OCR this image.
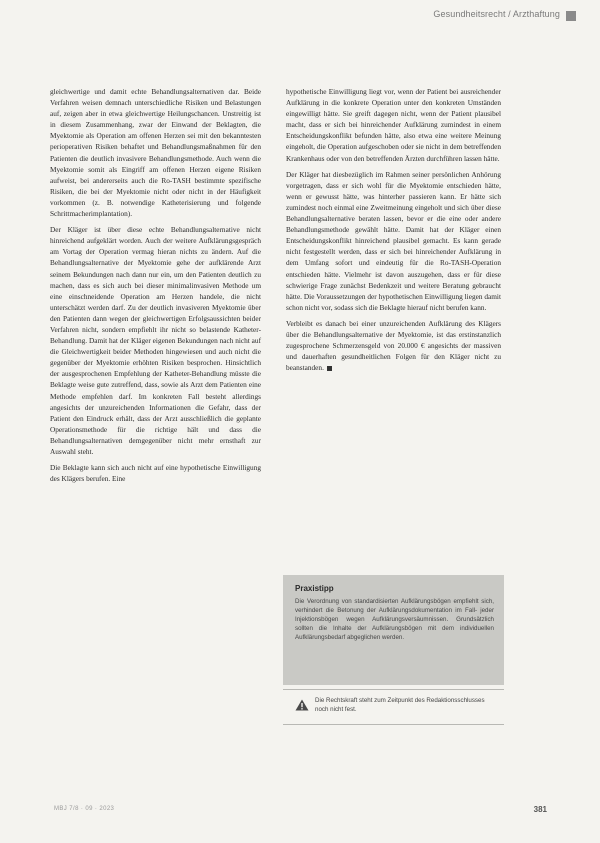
Gesundheitsrecht / Arzthaftung

gleichwertige und damit echte Behandlungsalternativen dar. Beide Verfahren weisen demnach unterschiedliche Risiken und Belastungen auf, zeigen aber in etwa gleichwertige Heilungschancen. Unstreitig ist in diesem Zusammenhang, zwar der Einwand der Beklagten, die Myektomie als Operation am offenen Herzen sei mit den bekanntesten perioperativen Risiken behaftet und Behandlungsmaßnahmen für den Patienten die deutlich invasivere Behandlungsmethode. Auch wenn die Myektomie somit als Eingriff am offenen Herzen eigene Risiken aufweist, bei andererseits auch die Ro-TASH bestimmte spezifische Risiken, die bei der Myektomie nicht oder nicht in der Häufigkeit vorkommen (z. B. notwendige Katheterisierung und folgende Schrittmacherimplantation).

Der Kläger ist über diese echte Behandlungsalternative nicht hinreichend aufgeklärt worden. Auch der weitere Aufklärungsgespräch am Vortag der Operation vermag hieran nichts zu ändern. Auf die Behandlungsalternative der Myektomie gehe der aufklärende Arzt seinem Bekundungen nach dann nur ein, um den Patienten deutlich zu machen, dass es sich auch bei dieser minimalinvasiven Methode um eine einschneidende Operation am Herzen handele, die nicht unterschätzt werden darf. Zu der deutlich invasiveren Myektomie über den Patienten dann wegen der gleichwertigen Erfolgsaussichten beider Verfahren nicht, sondern empfiehlt ihr nicht so belastende Katheter-Behandlung. Damit hat der Kläger eigenen Bekundungen nach nicht auf die Gleichwertigkeit beider Methoden hingewiesen und auch nicht die gegenüber der Myektomie erhöhten Risiken besprochen. Hinsichtlich der ausgesprochenen Empfehlung der Katheter-Behandlung müsste die Beklagte weise gute zutreffend, dass, sowie als Arzt dem Patienten eine Methode empfehlen darf. Im konkreten Fall besteht allerdings angesichts der unzureichenden Informationen die Gefahr, dass der Patient den Eindruck erhält, dass der Arzt ausschließlich die geplante Operationsmethode für die richtige hält und dass die Behandlungsalternativen demgegenüber nicht mehr ernsthaft zur Auswahl steht.

Die Beklagte kann sich auch nicht auf eine hypothetische Einwilligung des Klägers berufen. Eine

hypothetische Einwilligung liegt vor, wenn der Patient bei ausreichender Aufklärung in die konkrete Operation unter den konkreten Umständen eingewilligt hätte. Sie greift dagegen nicht, wenn der Patient plausibel macht, dass er sich bei hinreichender Aufklärung zumindest in einem Entscheidungskonflikt befunden hätte, also etwa eine weitere Meinung eingeholt, die Operation aufgeschoben oder sie nicht in dem betreffenden Krankenhaus oder von den betreffenden Ärzten durchführen lassen hätte.

Der Kläger hat diesbezüglich im Rahmen seiner persönlichen Anhörung vorgetragen, dass er sich wohl für die Myektomie entschieden hätte, wenn er gewusst hätte, was hinterher passieren kann. Er hätte sich zumindest noch einmal eine Zweitmeinung eingeholt und sich über diese Behandlungsalternative beraten lassen, bevor er die eine oder andere Behandlungsmethode gewählt hätte. Damit hat der Kläger einen Entscheidungskonflikt hinreichend plausibel gemacht. Es kann gerade nicht festgestellt werden, dass er sich bei hinreichender Aufklärung in dem Umfang sofort und eindeutig für die Ro-TASH-Operation entschieden hätte. Vielmehr ist davon auszugehen, dass er für diese schwierige Frage zunächst Bedenkzeit und weitere Beratung gebraucht hätte. Die Voraussetzungen der hypothetischen Einwilligung liegen damit schon nicht vor, sodass sich die Beklagte hierauf nicht berufen kann.

Verbleibt es danach bei einer unzureichenden Aufklärung des Klägers über die Behandlungsalternative der Myektomie, ist das erstinstanzlich zugesprochene Schmerzensgeld von 20.000 € angesichts der massiven und dauerhaften gesundheitlichen Folgen für den Kläger nicht zu beanstanden.

Praxistipp
Die Verordnung von standardisierten Aufklärungsbögen empfiehlt sich, verhindert die Betonung der Aufklärungsdokumentation im Fall- jeder Injektionsbögen wegen Aufklärungsversäumnissen. Grundsätzlich sollten die Inhalte der Aufklärungsbögen mit dem individuellen Aufklärungsbedarf abgeglichen werden.
Die Rechtskraft steht zum Zeitpunkt des Redaktionsschlusses noch nicht fest.
MBJ 7/8 · 09 · 2023	381
